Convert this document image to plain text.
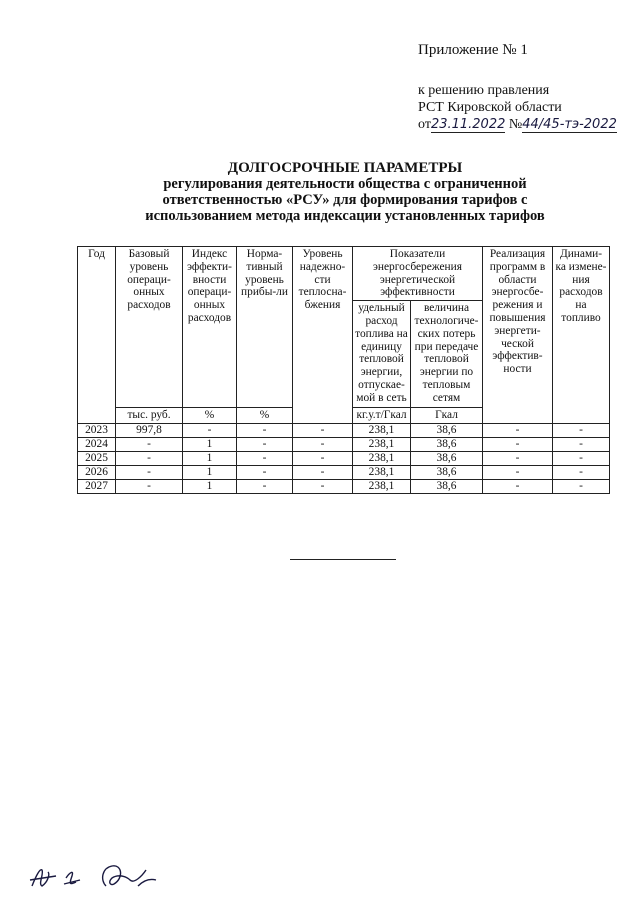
Приложение № 1
к решению правления
РСТ Кировской области
от23.11.2022 №44/45-тэ-2022
ДОЛГОСРОЧНЫЕ ПАРАМЕТРЫ
регулирования деятельности общества с ограниченной
ответственностью «РСУ» для формирования тарифов с
использованием метода индексации установленных тарифов
Год	Базовый уровень операци-онных расходов	Индекс эффекти-вности операци-онных расходов	Норма-тивный уровень прибы-ли	Уровень надежно-сти теплосна-бжения	Показатели энергосбережения энергетической эффективности		Реализация программ в области энергосбе-режения и повышения энергети-ческой эффектив-ности	Динами-ка измене-ния расходов на топливо
					удельный расход топлива на единицу тепловой энергии, отпускае-мой в сеть	величина технологиче-ских потерь при передаче тепловой энергии по тепловым сетям		
	тыс. руб.	%	%		кг.у.т/Гкал	Гкал		
2023	997,8	-	-	-	238,1	38,6	-	-
2024	-	1	-	-	238,1	38,6	-	-
2025	-	1	-	-	238,1	38,6	-	-
2026	-	1	-	-	238,1	38,6	-	-
2027	-	1	-	-	238,1	38,6	-	-
